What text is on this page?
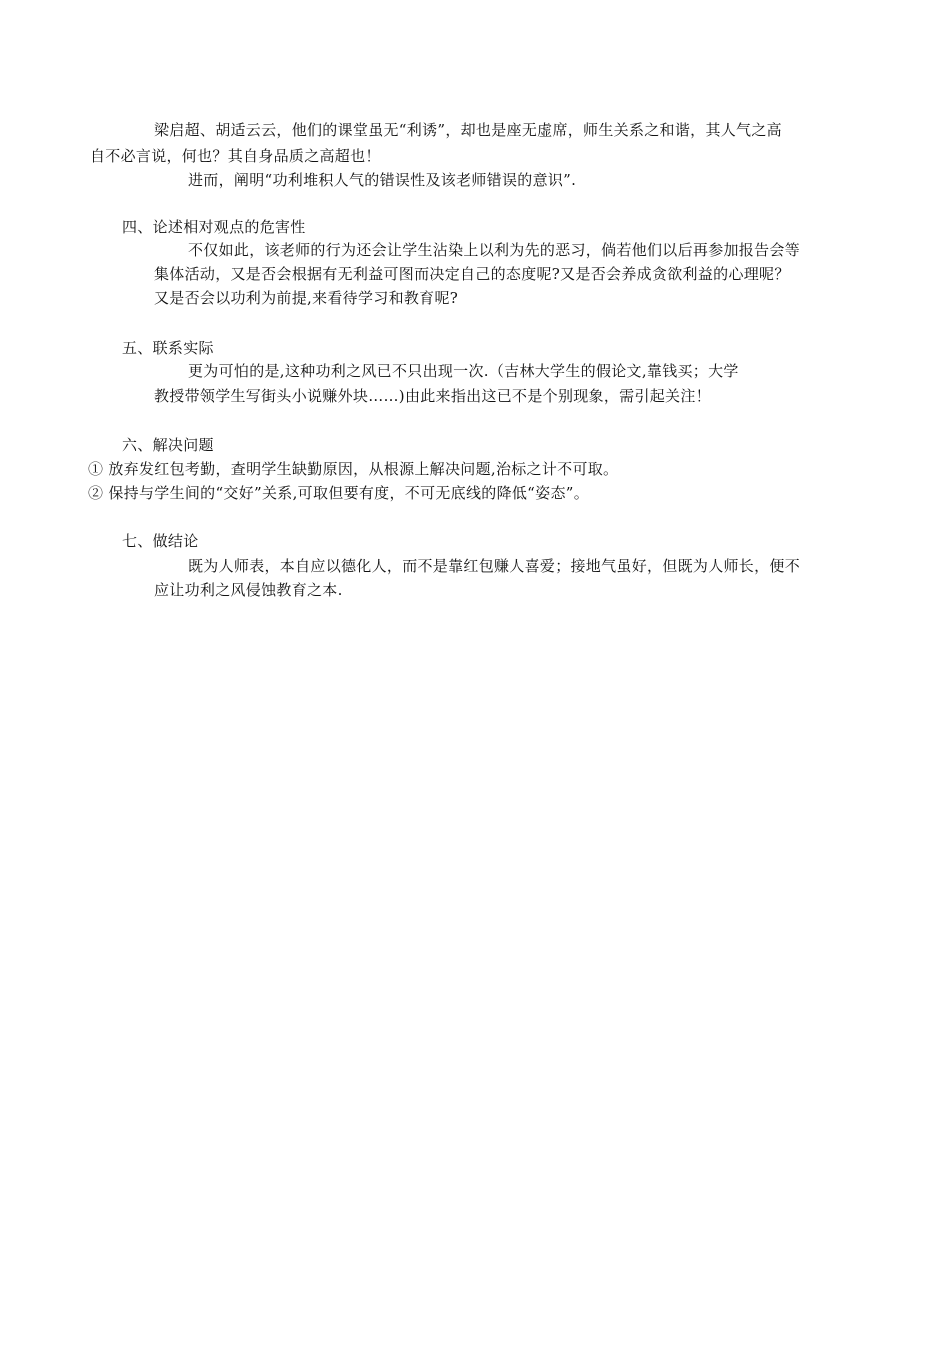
梁启超、胡适云云，他们的课堂虽无“利诱”，却也是座无虚席，师生关系之和谐，其人气之高
自不必言说，何也？其自身品质之高超也！
进而，阐明“功利堆积人气的错误性及该老师错误的意识”.
四、论述相对观点的危害性
不仅如此，该老师的行为还会让学生沾染上以利为先的恶习，倘若他们以后再参加报告会等
集体活动，又是否会根据有无利益可图而决定自己的态度呢?又是否会养成贪欲利益的心理呢？
又是否会以功利为前提,来看待学习和教育呢?
五、联系实际
更为可怕的是,这种功利之风已不只出现一次.（吉林大学生的假论文,靠钱买；大学
教授带领学生写街头小说赚外块……)由此来指出这已不是个别现象，需引起关注！
六、解决问题
① 放弃发红包考勤，查明学生缺勤原因，从根源上解决问题,治标之计不可取。
② 保持与学生间的“交好”关系,可取但要有度，不可无底线的降低“姿态”。
七、做结论
既为人师表，本自应以德化人，而不是靠红包赚人喜爱；接地气虽好，但既为人师长，便不
应让功利之风侵蚀教育之本.
